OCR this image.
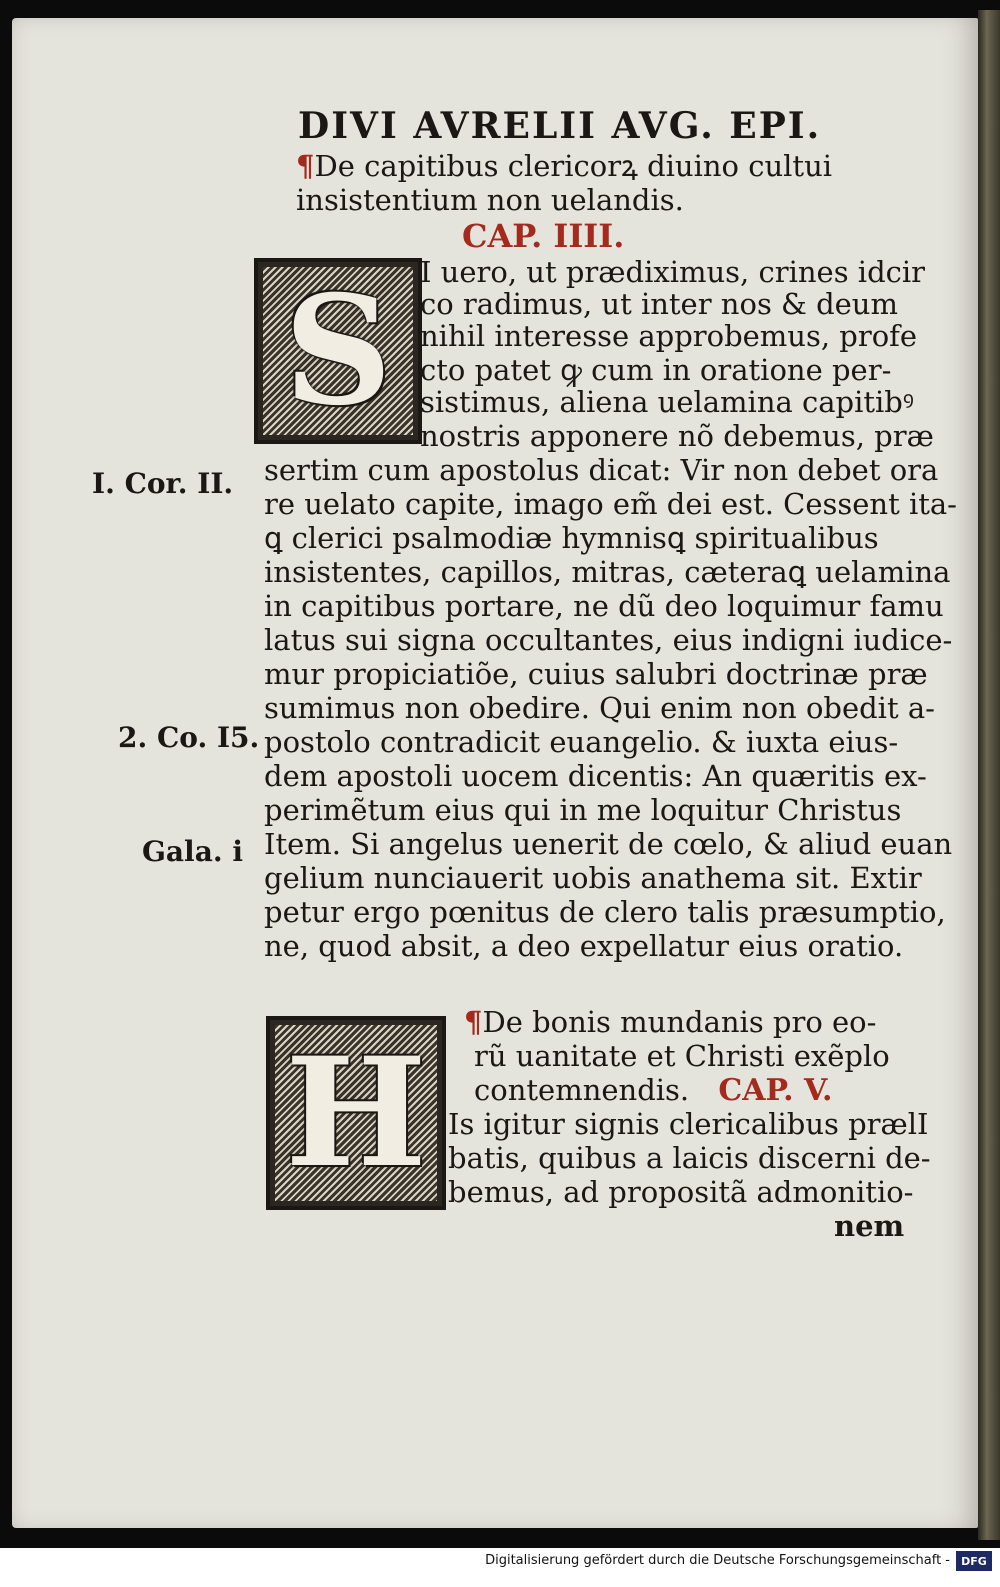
DIVI AVRELII AVG. EPI.
¶De capitibus clericorꝝ diuino cultui
insistentium non uelandis.
CAP. IIII.
S I uero, ut prædiximus, crines idcir
co radimus, ut inter nos & deum
nihil interesse approbemus, profe
cto patet ꝙ cum in oratione per-
sistimus, aliena uelamina capitibꝰ
nostris apponere nõ debemus, præ
sertim cum apostolus dicat: Vir non debet ora
re uelato capite, imago em̃ dei est. Cessent ita-
ꝗ clerici psalmodiæ hymnisꝗ spiritualibus
insistentes, capillos, mitras, cæteraꝗ uelamina
in capitibus portare, ne dũ deo loquimur famu
latus sui signa occultantes, eius indigni iudice-
mur propiciatiõe, cuius salubri doctrinæ præ
sumimus non obedire. Qui enim non obedit a-
postolo contradicit euangelio. & iuxta eius-
dem apostoli uocem dicentis: An quæritis ex-
perimẽtum eius qui in me loquitur Christus
Item. Si angelus uenerit de cœlo, & aliud euan
gelium nunciauerit uobis anathema sit. Extir
petur ergo pœnitus de clero talis præsumptio,
ne, quod absit, a deo expellatur eius oratio.
I. Cor. II.
2. Co. I5.
Gala. i
H
¶De bonis mundanis pro eo-
rũ uanitate et Christi exẽplo
contemnendis. CAP. V.
Is igitur signis clericalibus prælI
batis, quibus a laicis discerni de-
bemus, ad propositã admonitio-
nem
Digitalisierung gefördert durch die Deutsche Forschungsgemeinschaft -	DFG
